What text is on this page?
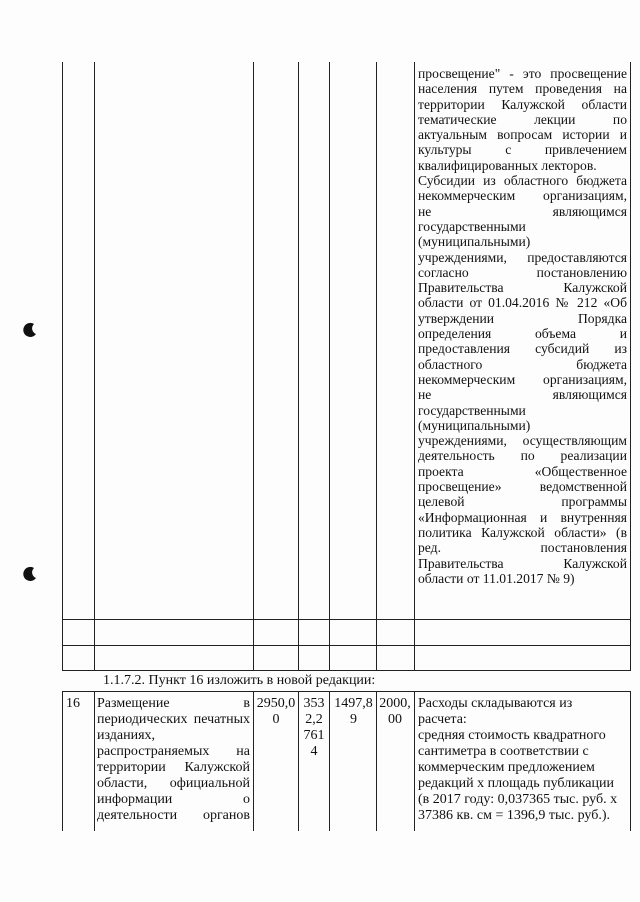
просвещение" - это просвещение
населения путем проведения на
территории Калужской области
тематические лекции по
актуальным вопросам истории и
культуры с привлечением
квалифицированных лекторов.
Субсидии из областного бюджета
некоммерческим организациям,
не являющимся
государственными
(муниципальными)
учреждениями, предоставляются
согласно постановлению
Правительства Калужской
области от 01.04.2016 № 212 «Об
утверждении Порядка
определения объема и
предоставления субсидий из
областного бюджета
некоммерческим организациям,
не являющимся
государственными
(муниципальными)
учреждениями, осуществляющим
деятельность по реализации
проекта «Общественное
просвещение» ведомственной
целевой программы
«Информационная и внутренняя
политика Калужской области» (в
ред. постановления
Правительства Калужской
области от 11.01.2017 № 9)
1.1.7.2. Пункт 16 изложить в новой редакции:
16	Размещение в
периодических печатных
изданиях,
распространяемых на
территории Калужской
области, официальной
информации о
деятельности органов
2950,0
0
353
2,2
761
4
1497,8
9
2000,
00
Расходы складываются из
расчета:
средняя стоимость квадратного
сантиметра в соответствии с
коммерческим предложением
редакций х площадь публикации
(в 2017 году: 0,037365 тыс. руб. х
37386 кв. см = 1396,9 тыс. руб.).
